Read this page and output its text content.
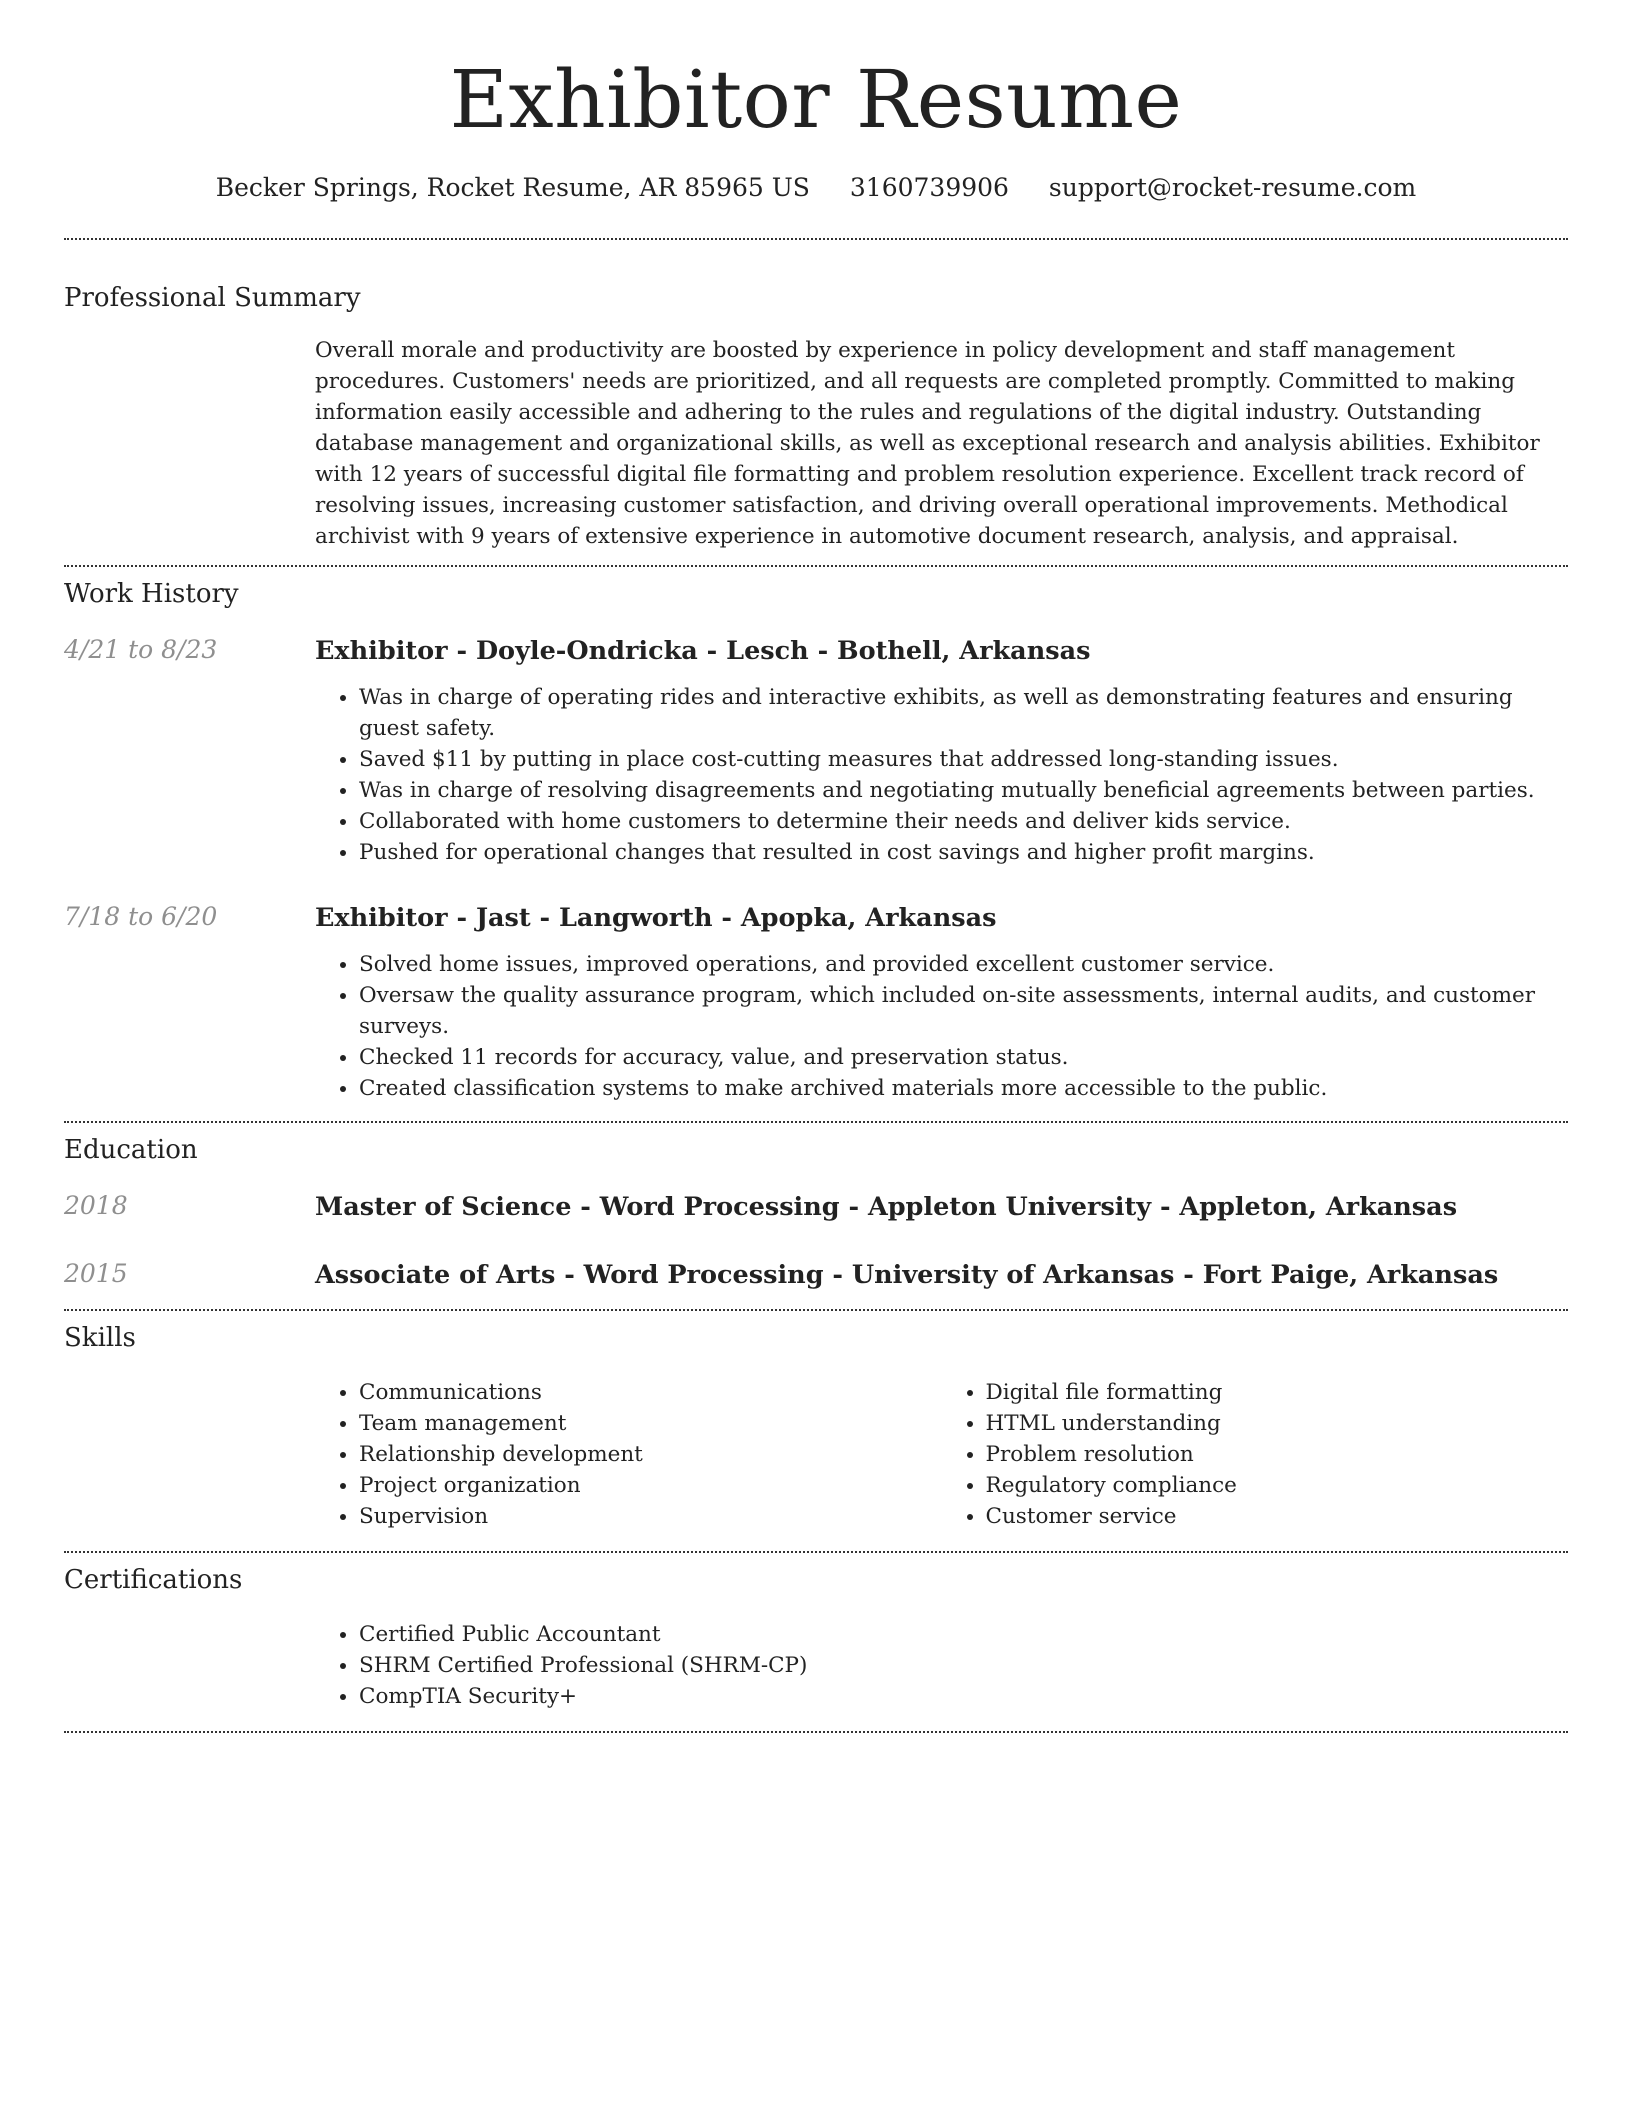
Exhibitor Resume
Becker Springs, Rocket Resume, AR 85965 US 3160739906 support@rocket-resume.com
Professional Summary

Overall morale and productivity are boosted by experience in policy development and staff management procedures. Customers' needs are prioritized, and all requests are completed promptly. Committed to making information easily accessible and adhering to the rules and regulations of the digital industry. Outstanding database management and organizational skills, as well as exceptional research and analysis abilities. Exhibitor with 12 years of successful digital file formatting and problem resolution experience. Excellent track record of resolving issues, increasing customer satisfaction, and driving overall operational improvements. Methodical archivist with 9 years of extensive experience in automotive document research, analysis, and appraisal.

Work History
4/21 to 8/23	Exhibitor - Doyle-Ondricka - Lesch - Bothell, Arkansas
• Was in charge of operating rides and interactive exhibits, as well as demonstrating features and ensuring guest safety.
• Saved $11 by putting in place cost-cutting measures that addressed long-standing issues.
• Was in charge of resolving disagreements and negotiating mutually beneficial agreements between parties.
• Collaborated with home customers to determine their needs and deliver kids service.
• Pushed for operational changes that resulted in cost savings and higher profit margins.
7/18 to 6/20	Exhibitor - Jast - Langworth - Apopka, Arkansas
• Solved home issues, improved operations, and provided excellent customer service.
• Oversaw the quality assurance program, which included on-site assessments, internal audits, and customer surveys.
• Checked 11 records for accuracy, value, and preservation status.
• Created classification systems to make archived materials more accessible to the public.
Education
2018	Master of Science - Word Processing - Appleton University - Appleton, Arkansas
2015	Associate of Arts - Word Processing - University of Arkansas - Fort Paige, Arkansas
Skills
• Communications
• Team management
• Relationship development
• Project organization
• Supervision
• Digital file formatting
• HTML understanding
• Problem resolution
• Regulatory compliance
• Customer service
Certifications
• Certified Public Accountant
• SHRM Certified Professional (SHRM-CP)
• CompTIA Security+
